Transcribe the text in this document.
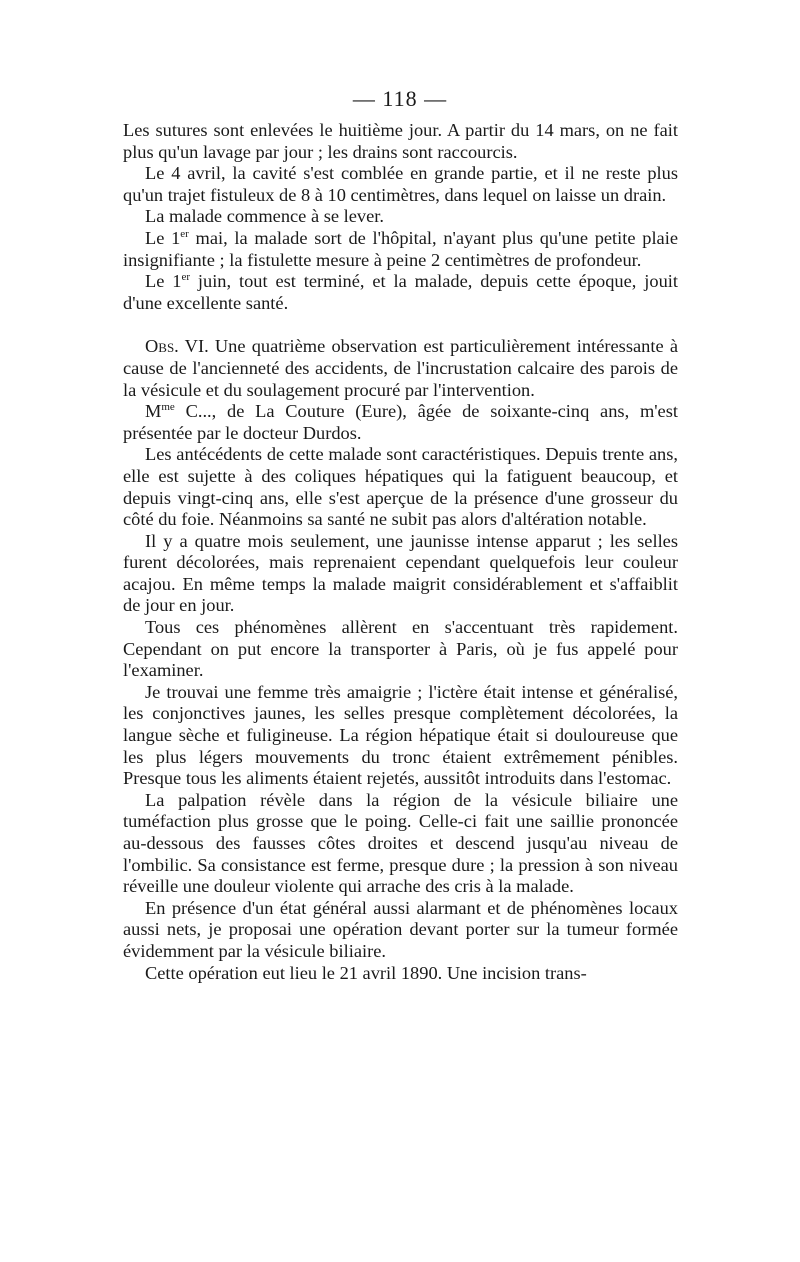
— 118 —

Les sutures sont enlevées le huitième jour. A partir du 14 mars, on ne fait plus qu'un lavage par jour ; les drains sont raccourcis.

Le 4 avril, la cavité s'est comblée en grande partie, et il ne reste plus qu'un trajet fistuleux de 8 à 10 centimètres, dans lequel on laisse un drain.

La malade commence à se lever.

Le 1er mai, la malade sort de l'hôpital, n'ayant plus qu'une petite plaie insignifiante ; la fistulette mesure à peine 2 centimètres de profondeur.

Le 1er juin, tout est terminé, et la malade, depuis cette époque, jouit d'une excellente santé.

Obs. VI. Une quatrième observation est particulièrement intéressante à cause de l'ancienneté des accidents, de l'incrustation calcaire des parois de la vésicule et du soulagement procuré par l'intervention.

$M^{me}$ C..., de La Couture (Eure), âgée de soixante-cinq ans, m'est présentée par le docteur Durdos.

Les antécédents de cette malade sont caractéristiques. Depuis trente ans, elle est sujette à des coliques hépatiques qui la fatiguent beaucoup, et depuis vingt-cinq ans, elle s'est aperçue de la présence d'une grosseur du côté du foie. Néanmoins sa santé ne subit pas alors d'altération notable.

Il y a quatre mois seulement, une jaunisse intense apparut ; les selles furent décolorées, mais reprenaient cependant quelquefois leur couleur acajou. En même temps la malade maigrit considérablement et s'affaiblit de jour en jour.

Tous ces phénomènes allèrent en s'accentuant très rapidement. Cependant on put encore la transporter à Paris, où je fus appelé pour l'examiner.

Je trouvai une femme très amaigrie ; l'ictère était intense et généralisé, les conjonctives jaunes, les selles presque complètement décolorées, la langue sèche et fuligineuse. La région hépatique était si douloureuse que les plus légers mouvements du tronc étaient extrêmement pénibles. Presque tous les aliments étaient rejetés, aussitôt introduits dans l'estomac.

La palpation révèle dans la région de la vésicule biliaire une tuméfaction plus grosse que le poing. Celle-ci fait une saillie prononcée au-dessous des fausses côtes droites et descend jusqu'au niveau de l'ombilic. Sa consistance est ferme, presque dure ; la pression à son niveau réveille une douleur violente qui arrache des cris à la malade.

En présence d'un état général aussi alarmant et de phénomènes locaux aussi nets, je proposai une opération devant porter sur la tumeur formée évidemment par la vésicule biliaire.

Cette opération eut lieu le 21 avril 1890. Une incision trans-
